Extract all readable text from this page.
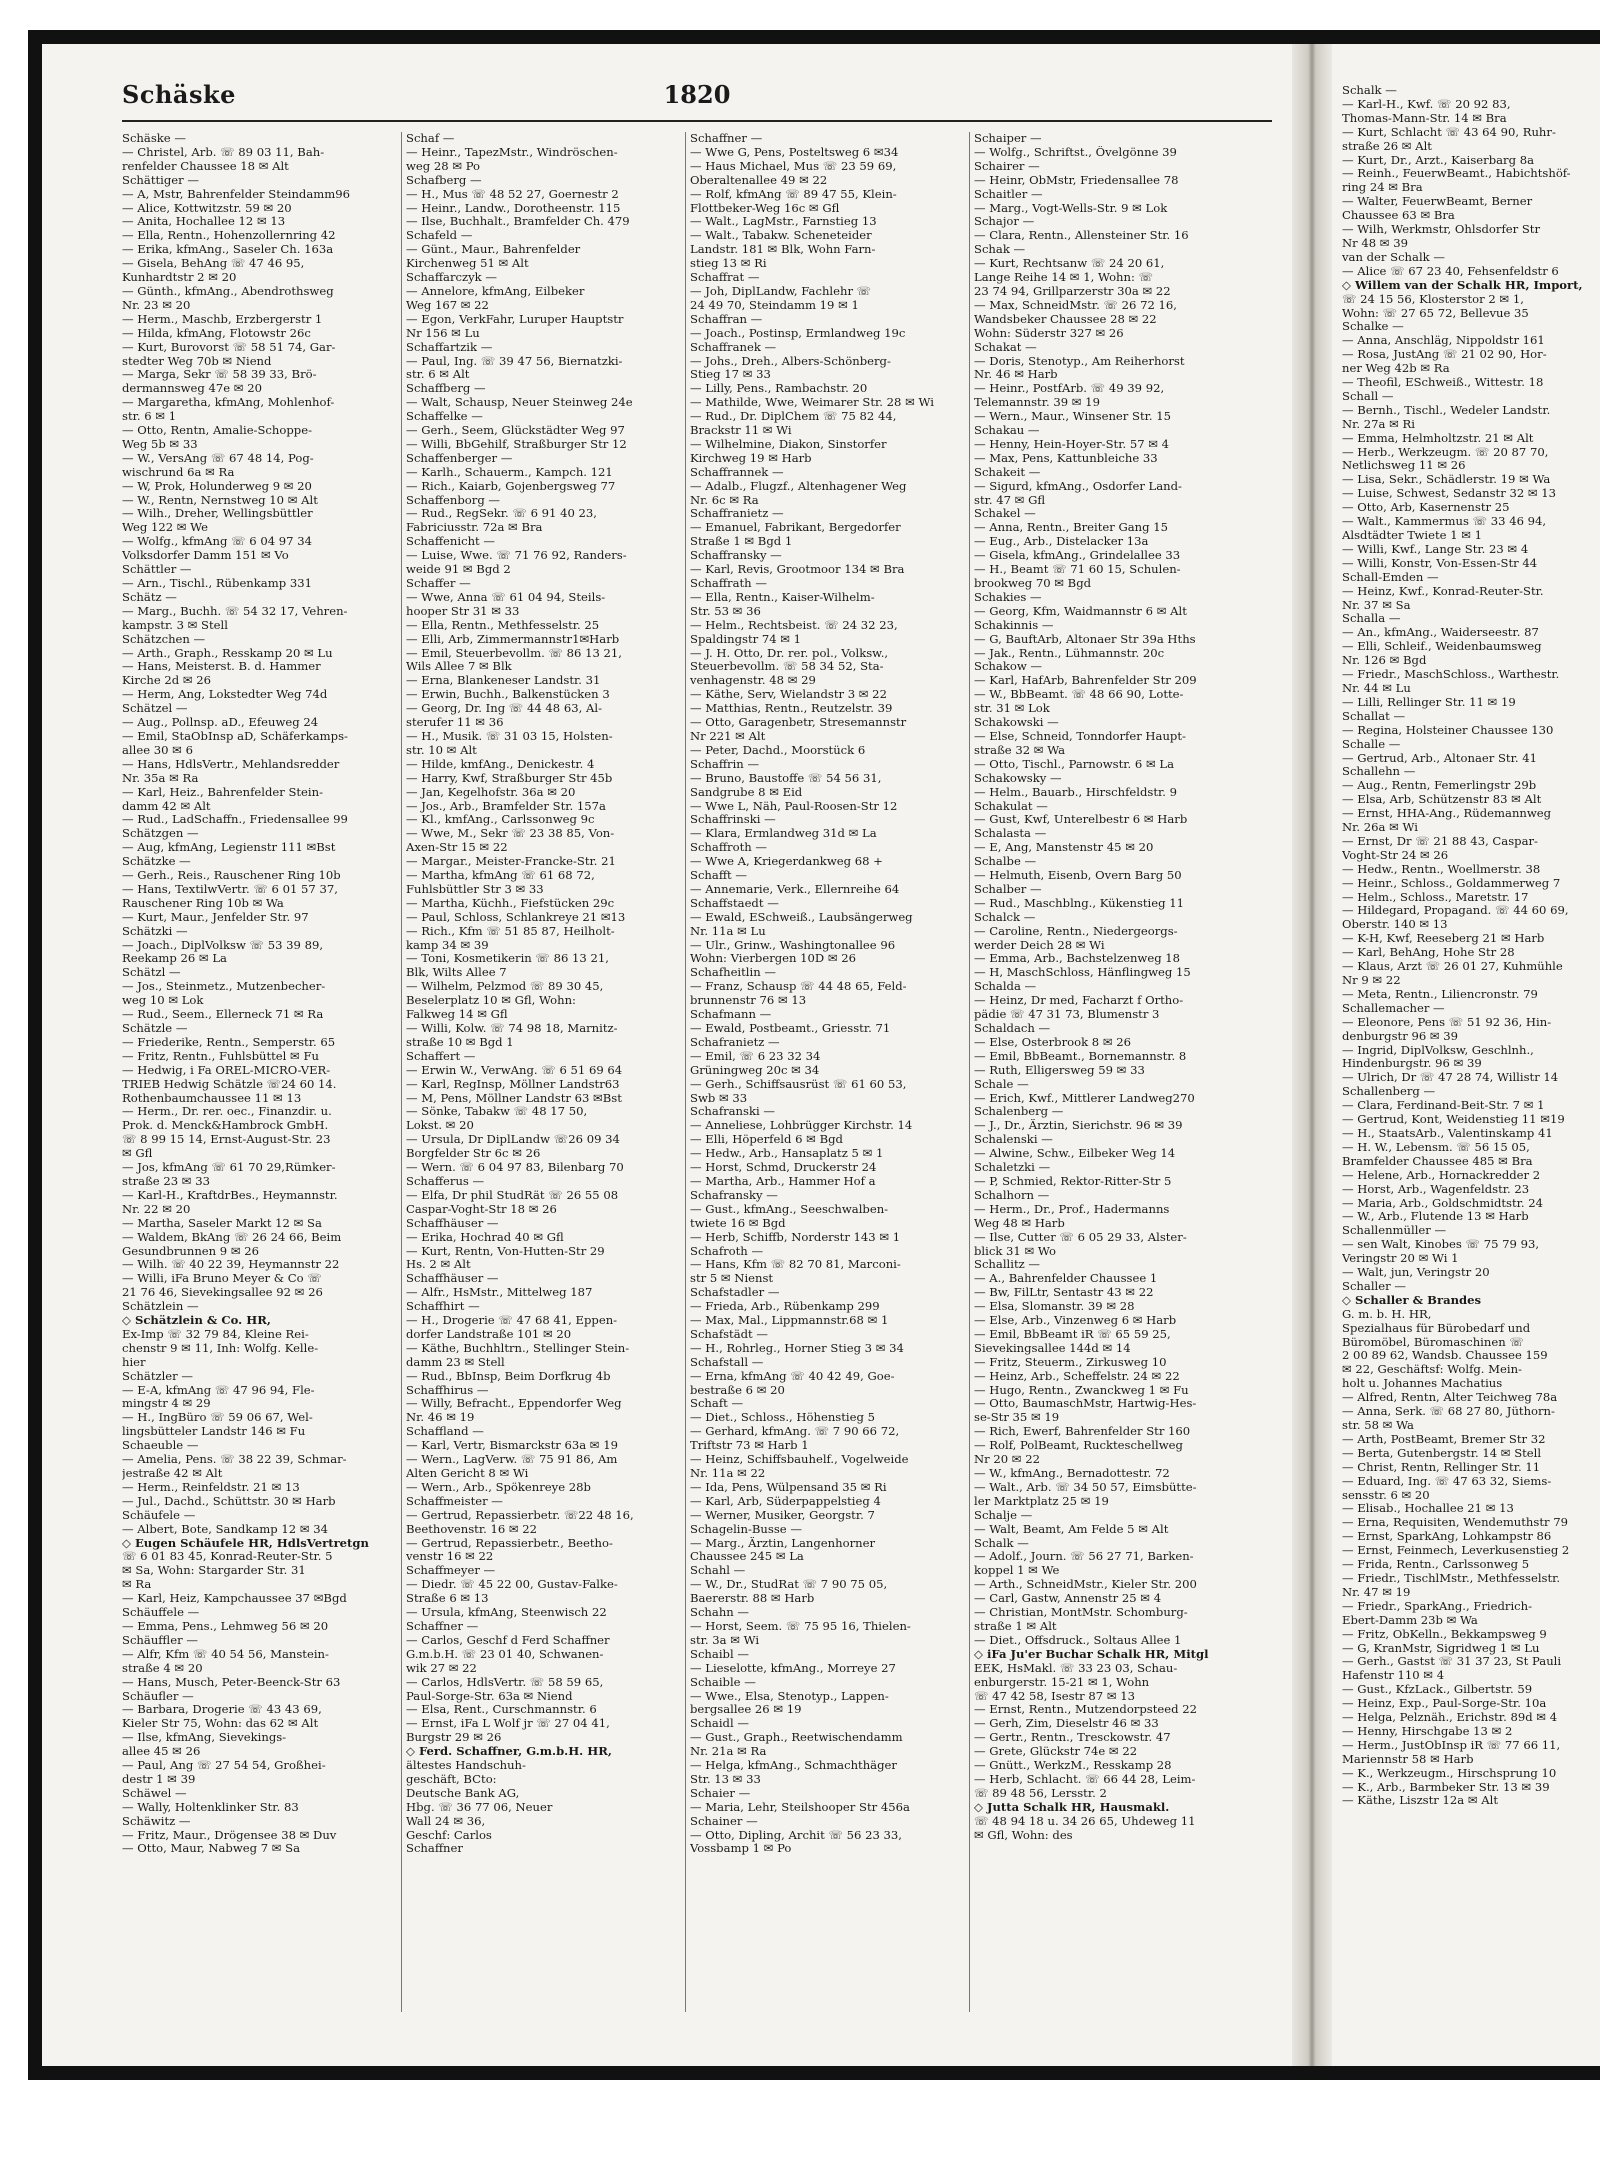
Schäske	1820
Schäske —
— Christel, Arb. ☏ 89 03 11, Bah-
renfelder Chaussee 18 ✉ Alt
Schättiger —
— A, Mstr, Bahrenfelder Steindamm96
— Alice, Kottwitzstr. 59 ✉ 20
— Anita, Hochallee 12 ✉ 13
— Ella, Rentn., Hohenzollernring 42
— Erika, kfmAng., Saseler Ch. 163a
— Gisela, BehAng ☏ 47 46 95,
Kunhardtstr 2 ✉ 20
— Günth., kfmAng., Abendrothsweg
Nr. 23 ✉ 20
— Herm., Maschb, Erzbergerstr 1
— Hilda, kfmAng, Flotowstr 26c
— Kurt, Burovorst ☏ 58 51 74, Gar-
stedter Weg 70b ✉ Niend
— Marga, Sekr ☏ 58 39 33, Brö-
dermannsweg 47e ✉ 20
— Margaretha, kfmAng, Mohlenhof-
str. 6 ✉ 1
— Otto, Rentn, Amalie-Schoppe-
Weg 5b ✉ 33
— W., VersAng ☏ 67 48 14, Pog-
wischrund 6a ✉ Ra
— W, Prok, Holunderweg 9 ✉ 20
— W., Rentn, Nernstweg 10 ✉ Alt
— Wilh., Dreher, Wellingsbüttler
Weg 122 ✉ We
— Wolfg., kfmAng ☏ 6 04 97 34
Volksdorfer Damm 151 ✉ Vo
Schättler —
— Arn., Tischl., Rübenkamp 331
Schätz —
— Marg., Buchh. ☏ 54 32 17, Vehren-
kampstr. 3 ✉ Stell
Schätzchen —
— Arth., Graph., Resskamp 20 ✉ Lu
— Hans, Meisterst. B. d. Hammer
Kirche 2d ✉ 26
— Herm, Ang, Lokstedter Weg 74d
Schätzel —
— Aug., Pollnsp. aD., Efeuweg 24
— Emil, StaObInsp aD, Schäferkamps-
allee 30 ✉ 6
— Hans, HdlsVertr., Mehlandsredder
Nr. 35a ✉ Ra
— Karl, Heiz., Bahrenfelder Stein-
damm 42 ✉ Alt
— Rud., LadSchaffn., Friedensallee 99
Schätzgen —
— Aug, kfmAng, Legienstr 111 ✉Bst
Schätzke —
— Gerh., Reis., Rauschener Ring 10b
— Hans, TextilwVertr. ☏ 6 01 57 37,
Rauschener Ring 10b ✉ Wa
— Kurt, Maur., Jenfelder Str. 97
Schätzki —
— Joach., DiplVolksw ☏ 53 39 89,
Reekamp 26 ✉ La
Schätzl —
— Jos., Steinmetz., Mutzenbecher-
weg 10 ✉ Lok
— Rud., Seem., Ellerneck 71 ✉ Ra
Schätzle —
— Friederike, Rentn., Semperstr. 65
— Fritz, Rentn., Fuhlsbüttel ✉ Fu
— Hedwig, i Fa OREL-MICRO-VER-
TRIEB Hedwig Schätzle ☏24 60 14.
Rothenbaumchaussee 11 ✉ 13
— Herm., Dr. rer. oec., Finanzdir. u.
Prok. d. Menck&Hambrock GmbH.
☏ 8 99 15 14, Ernst-August-Str. 23
✉ Gfl
— Jos, kfmAng ☏ 61 70 29,Rümker-
straße 23 ✉ 33
— Karl-H., KraftdrBes., Heymannstr.
Nr. 22 ✉ 20
— Martha, Saseler Markt 12 ✉ Sa
— Waldem, BkAng ☏ 26 24 66, Beim
Gesundbrunnen 9 ✉ 26
— Wilh. ☏ 40 22 39, Heymannstr 22
— Willi, iFa Bruno Meyer & Co ☏
21 76 46, Sievekingsallee 92 ✉ 26
Schätzlein —
◇ Schätzlein & Co. HR,
Ex-Imp ☏ 32 79 84, Kleine Rei-
chenstr 9 ✉ 11, Inh: Wolfg. Kelle-
hier
Schätzler —
— E-A, kfmAng ☏ 47 96 94, Fle-
mingstr 4 ✉ 29
— H., IngBüro ☏ 59 06 67, Wel-
lingsbütteler Landstr 146 ✉ Fu
Schaeuble —
— Amelia, Pens. ☏ 38 22 39, Schmar-
jestraße 42 ✉ Alt
— Herm., Reinfeldstr. 21 ✉ 13
— Jul., Dachd., Schüttstr. 30 ✉ Harb
Schäufele —
— Albert, Bote, Sandkamp 12 ✉ 34
◇ Eugen Schäufele HR, HdlsVertretgn
☏ 6 01 83 45, Konrad-Reuter-Str. 5
✉ Sa, Wohn: Stargarder Str. 31
✉ Ra
— Karl, Heiz, Kampchaussee 37 ✉Bgd
Schäuffele —
— Emma, Pens., Lehmweg 56 ✉ 20
Schäuffler —
— Alfr, Kfm ☏ 40 54 56, Manstein-
straße 4 ✉ 20
— Hans, Musch, Peter-Beenck-Str 63
Schäufler —
— Barbara, Drogerie ☏ 43 43 69,
Kieler Str 75, Wohn: das 62 ✉ Alt
— Ilse, kfmAng, Sievekings-
allee 45 ✉ 26
— Paul, Ang ☏ 27 54 54, Großhei-
destr 1 ✉ 39
Schäwel —
— Wally, Holtenklinker Str. 83
Schäwitz —
— Fritz, Maur., Drögensee 38 ✉ Duv
— Otto, Maur, Nabweg 7 ✉ Sa
Schaf —
— Heinr., TapezMstr., Windröschen-
weg 28 ✉ Po
Schafberg —
— H., Mus ☏ 48 52 27, Goernestr 2
— Heinr., Landw., Dorotheenstr. 115
— Ilse, Buchhalt., Bramfelder Ch. 479
Schafeld —
— Günt., Maur., Bahrenfelder
Kirchenweg 51 ✉ Alt
Schaffarczyk —
— Annelore, kfmAng, Eilbeker
Weg 167 ✉ 22
— Egon, VerkFahr, Luruper Hauptstr
Nr 156 ✉ Lu
Schaffartzik —
— Paul, Ing. ☏ 39 47 56, Biernatzki-
str. 6 ✉ Alt
Schaffberg —
— Walt, Schausp, Neuer Steinweg 24e
Schaffelke —
— Gerh., Seem, Glückstädter Weg 97
— Willi, BbGehilf, Straßburger Str 12
Schaffenberger —
— Karlh., Schauerm., Kampch. 121
— Rich., Kaiarb, Gojenbergsweg 77
Schaffenborg —
— Rud., RegSekr. ☏ 6 91 40 23,
Fabriciusstr. 72a ✉ Bra
Schaffenicht —
— Luise, Wwe. ☏ 71 76 92, Randers-
weide 91 ✉ Bgd 2
Schaffer —
— Wwe, Anna ☏ 61 04 94, Steils-
hooper Str 31 ✉ 33
— Ella, Rentn., Methfesselstr. 25
— Elli, Arb, Zimmermannstr1✉Harb
— Emil, Steuerbevollm. ☏ 86 13 21,
Wils Allee 7 ✉ Blk
— Erna, Blankeneser Landstr. 31
— Erwin, Buchh., Balkenstücken 3
— Georg, Dr. Ing ☏ 44 48 63, Al-
sterufer 11 ✉ 36
— H., Musik. ☏ 31 03 15, Holsten-
str. 10 ✉ Alt
— Hilde, kmfAng., Denickestr. 4
— Harry, Kwf, Straßburger Str 45b
— Jan, Kegelhofstr. 36a ✉ 20
— Jos., Arb., Bramfelder Str. 157a
— Kl., kmfAng., Carlssonweg 9c
— Wwe, M., Sekr ☏ 23 38 85, Von-
Axen-Str 15 ✉ 22
— Margar., Meister-Francke-Str. 21
— Martha, kfmAng ☏ 61 68 72,
Fuhlsbüttler Str 3 ✉ 33
— Martha, Küchh., Fiefstücken 29c
— Paul, Schloss, Schlankreye 21 ✉13
— Rich., Kfm ☏ 51 85 87, Heilholt-
kamp 34 ✉ 39
— Toni, Kosmetikerin ☏ 86 13 21,
Blk, Wilts Allee 7
— Wilhelm, Pelzmod ☏ 89 30 45,
Beselerplatz 10 ✉ Gfl, Wohn:
Falkweg 14 ✉ Gfl
— Willi, Kolw. ☏ 74 98 18, Marnitz-
straße 10 ✉ Bgd 1
Schaffert —
— Erwin W., VerwAng. ☏ 6 51 69 64
— Karl, RegInsp, Möllner Landstr63
— M, Pens, Möllner Landstr 63 ✉Bst
— Sönke, Tabakw ☏ 48 17 50,
Lokst. ✉ 20
— Ursula, Dr DiplLandw ☏26 09 34
Borgfelder Str 6c ✉ 26
— Wern. ☏ 6 04 97 83, Bilenbarg 70
Schafferus —
— Elfa, Dr phil StudRät ☏ 26 55 08
Caspar-Voght-Str 18 ✉ 26
Schaffhäuser —
— Erika, Hochrad 40 ✉ Gfl
— Kurt, Rentn, Von-Hutten-Str 29
Hs. 2 ✉ Alt
Schaffhäuser —
— Alfr., HsMstr., Mittelweg 187
Schaffhirt —
— H., Drogerie ☏ 47 68 41, Eppen-
dorfer Landstraße 101 ✉ 20
— Käthe, Buchhltrn., Stellinger Stein-
damm 23 ✉ Stell
— Rud., BbInsp, Beim Dorfkrug 4b
Schaffhirus —
— Willy, Befracht., Eppendorfer Weg
Nr. 46 ✉ 19
Schaffland —
— Karl, Vertr, Bismarckstr 63a ✉ 19
— Wern., LagVerw. ☏ 75 91 86, Am
Alten Gericht 8 ✉ Wi
— Wern., Arb., Spökenreye 28b
Schaffmeister —
— Gertrud, Repassierbetr. ☏22 48 16,
Beethovenstr. 16 ✉ 22
— Gertrud, Repassierbetr., Beetho-
venstr 16 ✉ 22
Schaffmeyer —
— Diedr. ☏ 45 22 00, Gustav-Falke-
Straße 6 ✉ 13
— Ursula, kfmAng, Steenwisch 22
Schaffner —
— Carlos, Geschf d Ferd Schaffner
G.m.b.H. ☏ 23 01 40, Schwanen-
wik 27 ✉ 22
— Carlos, HdlsVertr. ☏ 58 59 65,
Paul-Sorge-Str. 63a ✉ Niend
— Elsa, Rent., Curschmannstr. 6
— Ernst, iFa L Wolf jr ☏ 27 04 41,
Burgstr 29 ✉ 26
◇ Ferd. Schaffner, G.m.b.H. HR,
ältestes Handschuh-
geschäft, BCto:
Deutsche Bank AG,
Hbg. ☏ 36 77 06, Neuer
Wall 24 ✉ 36,
Geschf: Carlos
Schaffner
Schaffner —
— Wwe G, Pens, Posteltsweg 6 ✉34
— Haus Michael, Mus ☏ 23 59 69,
Oberaltenallee 49 ✉ 22
— Rolf, kfmAng ☏ 89 47 55, Klein-
Flottbeker-Weg 16c ✉ Gfl
— Walt., LagMstr., Farnstieg 13
— Walt., Tabakw. Scheneteider
Landstr. 181 ✉ Blk, Wohn Farn-
stieg 13 ✉ Ri
Schaffrat —
— Joh, DiplLandw, Fachlehr ☏
24 49 70, Steindamm 19 ✉ 1
Schaffran —
— Joach., Postinsp, Ermlandweg 19c
Schaffranek —
— Johs., Dreh., Albers-Schönberg-
Stieg 17 ✉ 33
— Lilly, Pens., Rambachstr. 20
— Mathilde, Wwe, Weimarer Str. 28 ✉ Wi
— Rud., Dr. DiplChem ☏ 75 82 44,
Brackstr 11 ✉ Wi
— Wilhelmine, Diakon, Sinstorfer
Kirchweg 19 ✉ Harb
Schaffrannek —
— Adalb., Flugzf., Altenhagener Weg
Nr. 6c ✉ Ra
Schaffranietz —
— Emanuel, Fabrikant, Bergedorfer
Straße 1 ✉ Bgd 1
Schaffransky —
— Karl, Revis, Grootmoor 134 ✉ Bra
Schaffrath —
— Ella, Rentn., Kaiser-Wilhelm-
Str. 53 ✉ 36
— Helm., Rechtsbeist. ☏ 24 32 23,
Spaldingstr 74 ✉ 1
— J. H. Otto, Dr. rer. pol., Volksw.,
Steuerbevollm. ☏ 58 34 52, Sta-
venhagenstr. 48 ✉ 29
— Käthe, Serv, Wielandstr 3 ✉ 22
— Matthias, Rentn., Reutzelstr. 39
— Otto, Garagenbetr, Stresemannstr
Nr 221 ✉ Alt
— Peter, Dachd., Moorstück 6
Schaffrin —
— Bruno, Baustoffe ☏ 54 56 31,
Sandgrube 8 ✉ Eid
— Wwe L, Näh, Paul-Roosen-Str 12
Schaffrinski —
— Klara, Ermlandweg 31d ✉ La
Schaffroth —
— Wwe A, Kriegerdankweg 68 +
Schafft —
— Annemarie, Verk., Ellernreihe 64
Schaffstaedt —
— Ewald, ESchweiß., Laubsängerweg
Nr. 11a ✉ Lu
— Ulr., Grinw., Washingtonallee 96
Wohn: Vierbergen 10D ✉ 26
Schafheitlin —
— Franz, Schausp ☏ 44 48 65, Feld-
brunnenstr 76 ✉ 13
Schafmann —
— Ewald, Postbeamt., Griesstr. 71
Schafranietz —
— Emil, ☏ 6 23 32 34
Grüningweg 20c ✉ 34
— Gerh., Schiffsausrüst ☏ 61 60 53,
Swb ✉ 33
Schafranski —
— Anneliese, Lohbrügger Kirchstr. 14
— Elli, Höperfeld 6 ✉ Bgd
— Hedw., Arb., Hansaplatz 5 ✉ 1
— Horst, Schmd, Druckerstr 24
— Martha, Arb., Hammer Hof a
Schafransky —
— Gust., kfmAng., Seeschwalben-
twiete 16 ✉ Bgd
— Herb, Schiffb, Norderstr 143 ✉ 1
Schafroth —
— Hans, Kfm ☏ 82 70 81, Marconi-
str 5 ✉ Nienst
Schafstadler —
— Frieda, Arb., Rübenkamp 299
— Max, Mal., Lippmannstr.68 ✉ 1
Schafstädt —
— H., Rohrleg., Horner Stieg 3 ✉ 34
Schafstall —
— Erna, kfmAng ☏ 40 42 49, Goe-
bestraße 6 ✉ 20
Schaft —
— Diet., Schloss., Höhenstieg 5
— Gerhard, kfmAng. ☏ 7 90 66 72,
Triftstr 73 ✉ Harb 1
— Heinz, Schiffsbauhelf., Vogelweide
Nr. 11a ✉ 22
— Ida, Pens, Wülpensand 35 ✉ Ri
— Karl, Arb, Süderpappelstieg 4
— Werner, Musiker, Georgstr. 7
Schagelin-Busse —
— Marg., Ärztin, Langenhorner
Chaussee 245 ✉ La
Schahl —
— W., Dr., StudRat ☏ 7 90 75 05,
Baererstr. 88 ✉ Harb
Schahn —
— Horst, Seem. ☏ 75 95 16, Thielen-
str. 3a ✉ Wi
Schaibl —
— Lieselotte, kfmAng., Morreye 27
Schaible —
— Wwe., Elsa, Stenotyp., Lappen-
bergsallee 26 ✉ 19
Schaidl —
— Gust., Graph., Reetwischendamm
Nr. 21a ✉ Ra
— Helga, kfmAng., Schmachthäger
Str. 13 ✉ 33
Schaier —
— Maria, Lehr, Steilshooper Str 456a
Schainer —
— Otto, Dipling, Archit ☏ 56 23 33,
Vossbamp 1 ✉ Po
Schaiper —
— Wolfg., Schriftst., Övelgönne 39
Schairer —
— Heinr, ObMstr, Friedensallee 78
Schaitler —
— Marg., Vogt-Wells-Str. 9 ✉ Lok
Schajor —
— Clara, Rentn., Allensteiner Str. 16
Schak —
— Kurt, Rechtsanw ☏ 24 20 61,
Lange Reihe 14 ✉ 1, Wohn: ☏
23 74 94, Grillparzerstr 30a ✉ 22
— Max, SchneidMstr. ☏ 26 72 16,
Wandsbeker Chaussee 28 ✉ 22
Wohn: Süderstr 327 ✉ 26
Schakat —
— Doris, Stenotyp., Am Reiherhorst
Nr. 46 ✉ Harb
— Heinr., PostfArb. ☏ 49 39 92,
Telemannstr. 39 ✉ 19
— Wern., Maur., Winsener Str. 15
Schakau —
— Henny, Hein-Hoyer-Str. 57 ✉ 4
— Max, Pens, Kattunbleiche 33
Schakeit —
— Sigurd, kfmAng., Osdorfer Land-
str. 47 ✉ Gfl
Schakel —
— Anna, Rentn., Breiter Gang 15
— Eug., Arb., Distelacker 13a
— Gisela, kfmAng., Grindelallee 33
— H., Beamt ☏ 71 60 15, Schulen-
brookweg 70 ✉ Bgd
Schakies —
— Georg, Kfm, Waidmannstr 6 ✉ Alt
Schakinnis —
— G, BauftArb, Altonaer Str 39a Hths
— Jak., Rentn., Lühmannstr. 20c
Schakow —
— Karl, HafArb, Bahrenfelder Str 209
— W., BbBeamt. ☏ 48 66 90, Lotte-
str. 31 ✉ Lok
Schakowski —
— Else, Schneid, Tonndorfer Haupt-
straße 32 ✉ Wa
— Otto, Tischl., Parnowstr. 6 ✉ La
Schakowsky —
— Helm., Bauarb., Hirschfeldstr. 9
Schakulat —
— Gust, Kwf, Unterelbestr 6 ✉ Harb
Schalasta —
— E, Ang, Manstenstr 45 ✉ 20
Schalbe —
— Helmuth, Eisenb, Overn Barg 50
Schalber —
— Rud., Maschblng., Kükenstieg 11
Schalck —
— Caroline, Rentn., Niedergeorgs-
werder Deich 28 ✉ Wi
— Emma, Arb., Bachstelzenweg 18
— H, MaschSchloss, Hänflingweg 15
Schalda —
— Heinz, Dr med, Facharzt f Ortho-
pädie ☏ 47 31 73, Blumenstr 3
Schaldach —
— Else, Osterbrook 8 ✉ 26
— Emil, BbBeamt., Bornemannstr. 8
— Ruth, Elligersweg 59 ✉ 33
Schale —
— Erich, Kwf., Mittlerer Landweg270
Schalenberg —
— J., Dr., Ärztin, Sierichstr. 96 ✉ 39
Schalenski —
— Alwine, Schw., Eilbeker Weg 14
Schaletzki —
— P, Schmied, Rektor-Ritter-Str 5
Schalhorn —
— Herm., Dr., Prof., Hadermanns
Weg 48 ✉ Harb
— Ilse, Cutter ☏ 6 05 29 33, Alster-
blick 31 ✉ Wo
Schallitz —
— A., Bahrenfelder Chaussee 1
— Bw, FilLtr, Sentastr 43 ✉ 22
— Elsa, Slomanstr. 39 ✉ 28
— Else, Arb., Vinzenweg 6 ✉ Harb
— Emil, BbBeamt iR ☏ 65 59 25,
Sievekingsallee 144d ✉ 14
— Fritz, Steuerm., Zirkusweg 10
— Heinz, Arb., Scheffelstr. 24 ✉ 22
— Hugo, Rentn., Zwanckweg 1 ✉ Fu
— Otto, BaumaschMstr, Hartwig-Hes-
se-Str 35 ✉ 19
— Rich, Ewerf, Bahrenfelder Str 160
— Rolf, PolBeamt, Ruckteschellweg
Nr 20 ✉ 22
— W., kfmAng., Bernadottestr. 72
— Walt., Arb. ☏ 34 50 57, Eimsbütte-
ler Marktplatz 25 ✉ 19
Schalje —
— Walt, Beamt, Am Felde 5 ✉ Alt
Schalk —
— Adolf., Journ. ☏ 56 27 71, Barken-
koppel 1 ✉ We
— Arth., SchneidMstr., Kieler Str. 200
— Carl, Gastw, Annenstr 25 ✉ 4
— Christian, MontMstr. Schomburg-
straße 1 ✉ Alt
— Diet., Offsdruck., Soltaus Allee 1
◇ iFa Ju'er Buchar Schalk HR, Mitgl
EEK, HsMakl. ☏ 33 23 03, Schau-
enburgerstr. 15-21 ✉ 1, Wohn
☏ 47 42 58, Isestr 87 ✉ 13
— Ernst, Rentn., Mutzendorpsteed 22
— Gerh, Zim, Dieselstr 46 ✉ 33
— Gertr., Rentn., Tresckowstr. 47
— Grete, Glückstr 74e ✉ 22
— Gnütt., WerkzM., Resskamp 28
— Herb, Schlacht. ☏ 66 44 28, Leim-
☏ 89 48 56, Lersstr. 2
◇ Jutta Schalk HR, Hausmakl.
☏ 48 94 18 u. 34 26 65, Uhdeweg 11
✉ Gfl, Wohn: des
Schalk —
— Karl-H., Kwf. ☏ 20 92 83,
Thomas-Mann-Str. 14 ✉ Bra
— Kurt, Schlacht ☏ 43 64 90, Ruhr-
straße 26 ✉ Alt
— Kurt, Dr., Arzt., Kaiserbarg 8a
— Reinh., FeuerwBeamt., Habichtshöf-
ring 24 ✉ Bra
— Walter, FeuerwBeamt, Berner
Chaussee 63 ✉ Bra
— Wilh, Werkmstr, Ohlsdorfer Str
Nr 48 ✉ 39
van der Schalk —
— Alice ☏ 67 23 40, Fehsenfeldstr 6
◇ Willem van der Schalk HR, Import,
☏ 24 15 56, Klosterstor 2 ✉ 1,
Wohn: ☏ 27 65 72, Bellevue 35
Schalke —
— Anna, Anschläg, Nippoldstr 161
— Rosa, JustAng ☏ 21 02 90, Hor-
ner Weg 42b ✉ Ra
— Theofil, ESchweiß., Wittestr. 18
Schall —
— Bernh., Tischl., Wedeler Landstr.
Nr. 27a ✉ Ri
— Emma, Helmholtzstr. 21 ✉ Alt
— Herb., Werkzeugm. ☏ 20 87 70,
Netlichsweg 11 ✉ 26
— Lisa, Sekr., Schädlerstr. 19 ✉ Wa
— Luise, Schwest, Sedanstr 32 ✉ 13
— Otto, Arb, Kasernenstr 25
— Walt., Kammermus ☏ 33 46 94,
Alsdtädter Twiete 1 ✉ 1
— Willi, Kwf., Lange Str. 23 ✉ 4
— Willi, Konstr, Von-Essen-Str 44
Schall-Emden —
— Heinz, Kwf., Konrad-Reuter-Str.
Nr. 37 ✉ Sa
Schalla —
— An., kfmAng., Waiderseestr. 87
— Elli, Schleif., Weidenbaumsweg
Nr. 126 ✉ Bgd
— Friedr., MaschSchloss., Warthestr.
Nr. 44 ✉ Lu
— Lilli, Rellinger Str. 11 ✉ 19
Schallat —
— Regina, Holsteiner Chaussee 130
Schalle —
— Gertrud, Arb., Altonaer Str. 41
Schallehn —
— Aug., Rentn, Femerlingstr 29b
— Elsa, Arb, Schützenstr 83 ✉ Alt
— Ernst, HHA-Ang., Rüdemannweg
Nr. 26a ✉ Wi
— Ernst, Dr ☏ 21 88 43, Caspar-
Voght-Str 24 ✉ 26
— Hedw., Rentn., Woellmerstr. 38
— Heinr., Schloss., Goldammerweg 7
— Helm., Schloss., Maretstr. 17
— Hildegard, Propagand. ☏ 44 60 69,
Oberstr. 140 ✉ 13
— K-H, Kwf, Reeseberg 21 ✉ Harb
— Karl, BehAng, Hohe Str 28
— Klaus, Arzt ☏ 26 01 27, Kuhmühle
Nr 9 ✉ 22
— Meta, Rentn., Liliencronstr. 79
Schallemacher —
— Eleonore, Pens ☏ 51 92 36, Hin-
denburgstr 96 ✉ 39
— Ingrid, DiplVolksw, Geschlnh.,
Hindenburgstr. 96 ✉ 39
— Ulrich, Dr ☏ 47 28 74, Willistr 14
Schallenberg —
— Clara, Ferdinand-Beit-Str. 7 ✉ 1
— Gertrud, Kont, Weidenstieg 11 ✉19
— H., StaatsArb., Valentinskamp 41
— H. W., Lebensm. ☏ 56 15 05,
Bramfelder Chaussee 485 ✉ Bra
— Helene, Arb., Hornackredder 2
— Horst, Arb., Wagenfeldstr. 23
— Maria, Arb., Goldschmidtstr. 24
— W., Arb., Flutende 13 ✉ Harb
Schallenmüller —
— sen Walt, Kinobes ☏ 75 79 93,
Veringstr 20 ✉ Wi 1
— Walt, jun, Veringstr 20
Schaller —
◇ Schaller & Brandes
G. m. b. H. HR,
Spezialhaus für Bürobedarf und
Büromöbel, Büromaschinen ☏
2 00 89 62, Wandsb. Chaussee 159
✉ 22, Geschäftsf: Wolfg. Mein-
holt u. Johannes Machatius
— Alfred, Rentn, Alter Teichweg 78a
— Anna, Serk. ☏ 68 27 80, Jüthorn-
str. 58 ✉ Wa
— Arth, PostBeamt, Bremer Str 32
— Berta, Gutenbergstr. 14 ✉ Stell
— Christ, Rentn, Rellinger Str. 11
— Eduard, Ing. ☏ 47 63 32, Siems-
sensstr. 6 ✉ 20
— Elisab., Hochallee 21 ✉ 13
— Erna, Requisiten, Wendemuthstr 79
— Ernst, SparkAng, Lohkampstr 86
— Ernst, Feinmech, Leverkusenstieg 2
— Frida, Rentn., Carlssonweg 5
— Friedr., TischlMstr., Methfesselstr.
Nr. 47 ✉ 19
— Friedr., SparkAng., Friedrich-
Ebert-Damm 23b ✉ Wa
— Fritz, ObKelln., Bekkampsweg 9
— G, KranMstr, Sigridweg 1 ✉ Lu
— Gerh., Gastst ☏ 31 37 23, St Pauli
Hafenstr 110 ✉ 4
— Gust., KfzLack., Gilbertstr. 59
— Heinz, Exp., Paul-Sorge-Str. 10a
— Helga, Pelznäh., Erichstr. 89d ✉ 4
— Henny, Hirschgabe 13 ✉ 2
— Herm., JustObInsp iR ☏ 77 66 11,
Mariennstr 58 ✉ Harb
— K., Werkzeugm., Hirschsprung 10
— K., Arb., Barmbeker Str. 13 ✉ 39
— Käthe, Liszstr 12a ✉ Alt
